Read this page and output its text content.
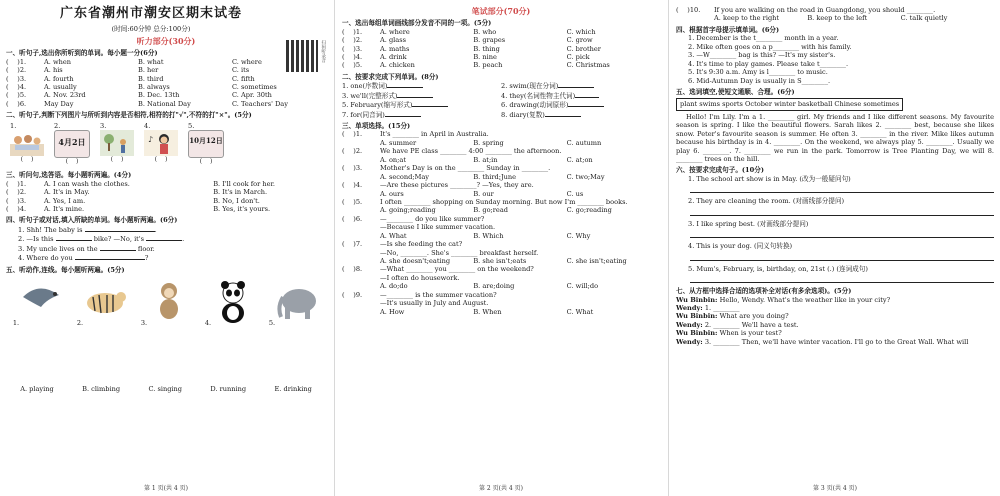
广东省潮州市潮安区期末试卷
(时间:60分钟 总分:100分)
扫码听录音
听力部分(30分)
一、听句子,选出你所听到的单词。每小题一分(6分)
(　 )1.	A. when	B. what	C. where
(　 )2.	A. his	B. her	C. its
(　 )3.	A. fourth	B. third	C. fifth
(　 )4.	A. usually	B. always	C. sometimes
(　 )5.	A. Nov. 23rd	B. Dec. 13th	C. Apr. 30th
(　 )6.	May Day	B. National Day	C. Teachers' Day
二、听句子,判断下列图片与所听到内容是否相符,相符的打"√",不符的打"×"。(5分)
1.
(　 )
2.
4月2日
(　 )
3.
(　 )
4.
♪
(　 )
5.
10月12日
(　 )
三、听问句,选答语。每小题听两遍。(4分)
(　 )1.	A. I can wash the clothes.	B. I'll cook for her.
(　 )2.	A. It's in May.	B. It's in March.
(　 )3.	A. Yes, I am.	B. No, I don't.
(　 )4.	A. It's mine.	B. Yes, it's yours.
四、听句子或对话,填入所缺的单词。每小题听两遍。(6分)
1. Shh! The baby is	.
2. —Is this	bike? —No, it's	.
3. My uncle lives on the	floor.
4. Where do you	?
五、听动作,连线。每小题听两遍。(5分)
1.	2.	3.	4.	5.
A. playing	B. climbing	C. singing	D. running	E. drinking
第 1 页(共 4 页)
笔试部分(70分)
一、选出每组单词画线部分发音不同的一项。(5分)
(　 )1.	A. where	B. who	C. which
(　 )2.	A. glass	B. grapes	C. grow
(　 )3.	A. maths	B. thing	C. brother
(　 )4.	A. drink	B. nine	C. pick
(　 )5.	A. chicken	B. peach	C. Christmas
二、按要求完成下列单词。(8分)
1. one(序数词)	2. swim(现在分词)
3. we'll(完整形式)	4. they(名词性物主代词)
5. February(缩写形式)	6. drawing(动词原形)
7. for(同音词)	8. diary(复数)
三、单项选择。(15分)
(　 )1.	It's ________ in April in Australia.
A. summer	B. spring	C. autumn
(　 )2.	We have PE class ________ 4:00 ________ the afternoon.
A. on;at	B. at;in	C. at;on
(　 )3.	Mother's Day is on the ________ Sunday in ________.
A. second;May	B. third;June	C. two;May
(　 )4.	—Are these pictures ________? —Yes, they are.
A. ours	B. our	C. us
(　 )5.	I often ________ shopping on Sunday morning. But now I'm ________ books.
A. going;reading	B. go;read	C. go;reading
(　 )6.	—________ do you like summer?
—Because I like summer vacation.
A. What	B. Which	C. Why
(　 )7.	—Is she feeding the cat?
—No, ________. She's ________ breakfast herself.
A. she doesn't;eating	B. she isn't;eats	C. she isn't;eating
(　 )8.	—What ________ you ________ on the weekend?
—I often do housework.
A. do;do	B. are;doing	C. will;do
(　 )9.	—________ is the summer vacation?
—It's usually in July and August.
A. How	B. When	C. What
第 2 页(共 4 页)
(　 )10.	If you are walking on the road in Guangdong, you should ________.
A. keep to the right	B. keep to the left	C. talk quietly
四、根据首字母提示填单词。(6分)
1. December is the t________ month in a year.
2. Mike often goes on a p________ with his family.
3. —W________ bag is this? —It's my sister's.
4. It's time to play games. Please take t________.
5. It's 9:30 a.m. Amy is l________ to music.
6. Mid-Autumn Day is usually in S________.
五、选词填空,使短文通顺、合理。(6分)
plant swims sports October winter basketball Chinese sometimes
Hello! I'm Lily. I'm a 1. ________ girl. My friends and I like different seasons. My favourite season is spring. I like the beautiful flowers. Sarah likes 2. ________ best, because she likes snow. Peter's favourite season is summer. He often 3. ________ in the river. Mike likes autumn because his birthday is in 4. ________. On the weekend, we always play 5. ________. Usually we play 6. ________. 7. ________ we run in the park. Tomorrow is Tree Planting Day, we will 8. ________ trees on the hill.
六、按要求完成句子。(10分)
1. The school art show is in May. (改为一般疑问句)
2. They are cleaning the room. (对画线部分提问)
3. I like spring best. (对画线部分提问)
4. This is your dog. (同义句转换)
5. Mum's, February, is, birthday, on, 21st (.) (连词成句)
七、从方框中选择合适的选项补全对话(有多余选项)。(5分)
Wu Binbin: Hello, Wendy. What's the weather like in your city?
Wendy: 1. ________
Wu Binbin: What are you doing?
Wendy: 2. ________ We'll have a test.
Wu Binbin: When is your test?
Wendy: 3. ________ Then, we'll have winter vacation. I'll go to the Great Wall. What will
第 3 页(共 4 页)
